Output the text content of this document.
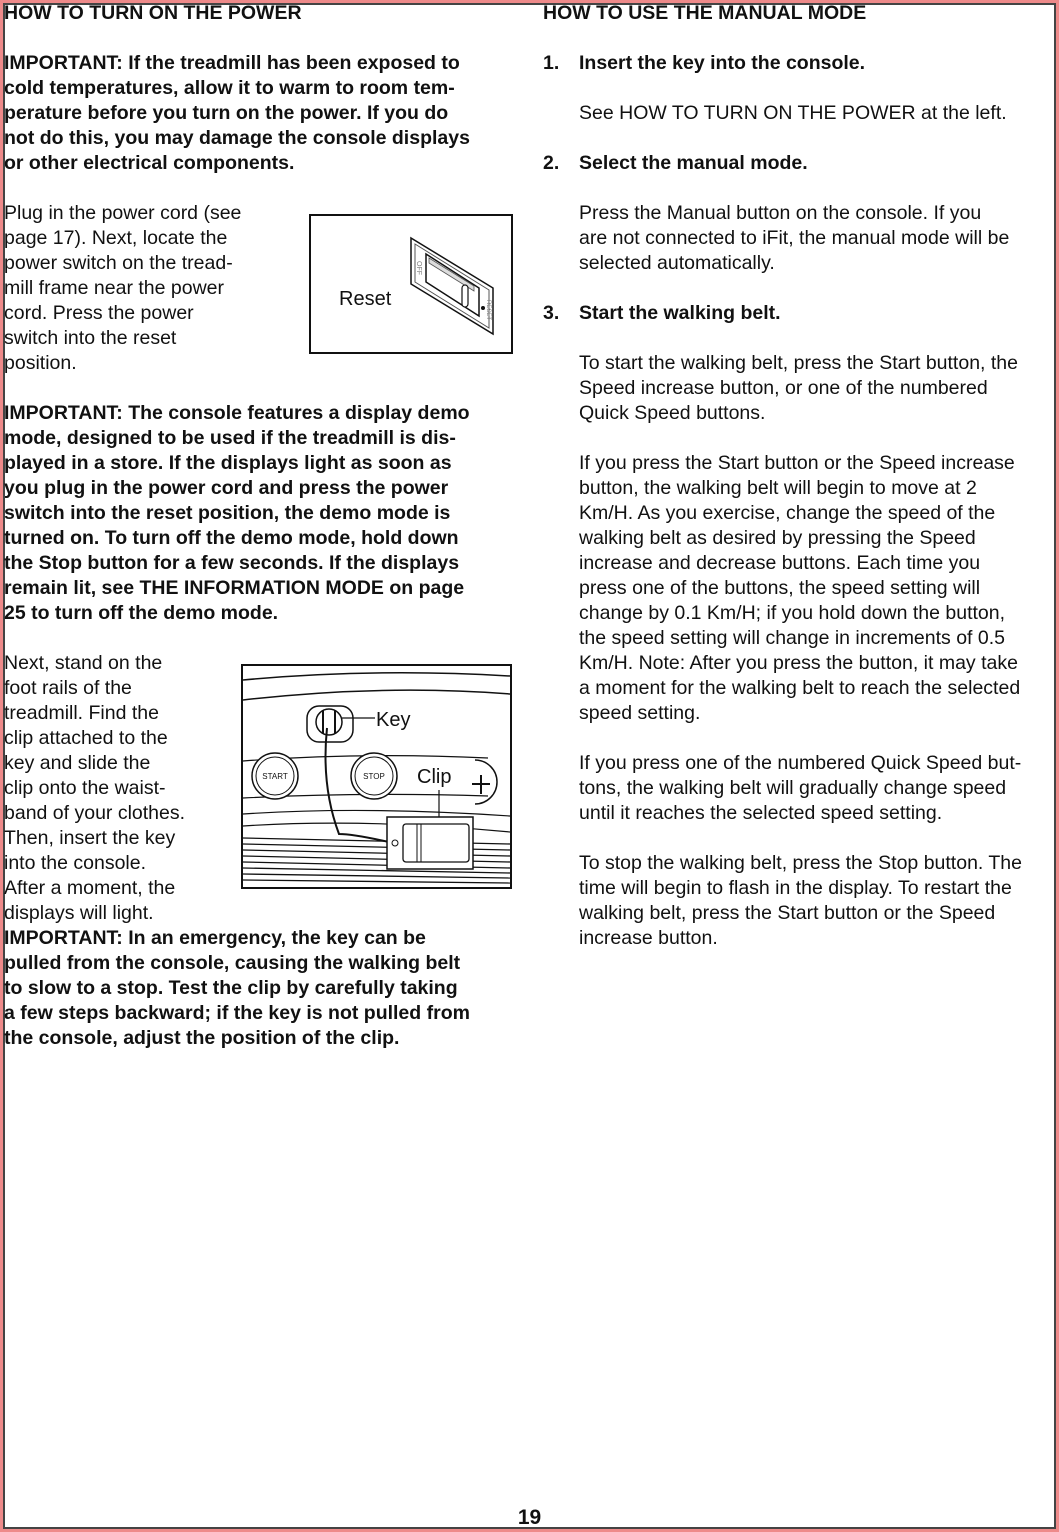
HOW TO TURN ON THE POWER
IMPORTANT: If the treadmill has been exposed to
cold temperatures, allow it to warm to room tem-
perature before you turn on the power. If you do
not do this, you may damage the console displays
or other electrical components.
Plug in the power cord (see
page 17). Next, locate the
power switch on the tread-
mill frame near the power
cord. Press the power
switch into the reset
position.
IMPORTANT: The console features a display demo
mode, designed to be used if the treadmill is dis-
played in a store. If the displays light as soon as
you plug in the power cord and press the power
switch into the reset position, the demo mode is
turned on. To turn off the demo mode, hold down
the Stop button for a few seconds. If the displays
remain lit, see THE INFORMATION MODE on page
25 to turn off the demo mode.
Next, stand on the
foot rails of the
treadmill. Find the
clip attached to the
key and slide the
clip onto the waist-
band of your clothes.
Then, insert the key
into the console.
After a moment, the
displays will light.
IMPORTANT: In an emergency, the key can be
pulled from the console, causing the walking belt
to slow to a stop. Test the clip by carefully taking
a few steps backward; if the key is not pulled from
the console, adjust the position of the clip.
HOW TO USE THE MANUAL MODE
1. Insert the key into the console.
See HOW TO TURN ON THE POWER at the left.
2. Select the manual mode.
Press the Manual button on the console. If you
are not connected to iFit, the manual mode will be
selected automatically.
3. Start the walking belt.
To start the walking belt, press the Start button, the
Speed increase button, or one of the numbered
Quick Speed buttons.
If you press the Start button or the Speed increase
button, the walking belt will begin to move at 2
Km/H. As you exercise, change the speed of the
walking belt as desired by pressing the Speed
increase and decrease buttons. Each time you
press one of the buttons, the speed setting will
change by 0.1 Km/H; if you hold down the button,
the speed setting will change in increments of 0.5
Km/H. Note: After you press the button, it may take
a moment for the walking belt to reach the selected
speed setting.
If you press one of the numbered Quick Speed but-
tons, the walking belt will gradually change speed
until it reaches the selected speed setting.
To stop the walking belt, press the Stop button. The
time will begin to flash in the display. To restart the
walking belt, press the Start button or the Speed
increase button.
Reset
OFF
RESET
Key
START	STOP Clip
19
